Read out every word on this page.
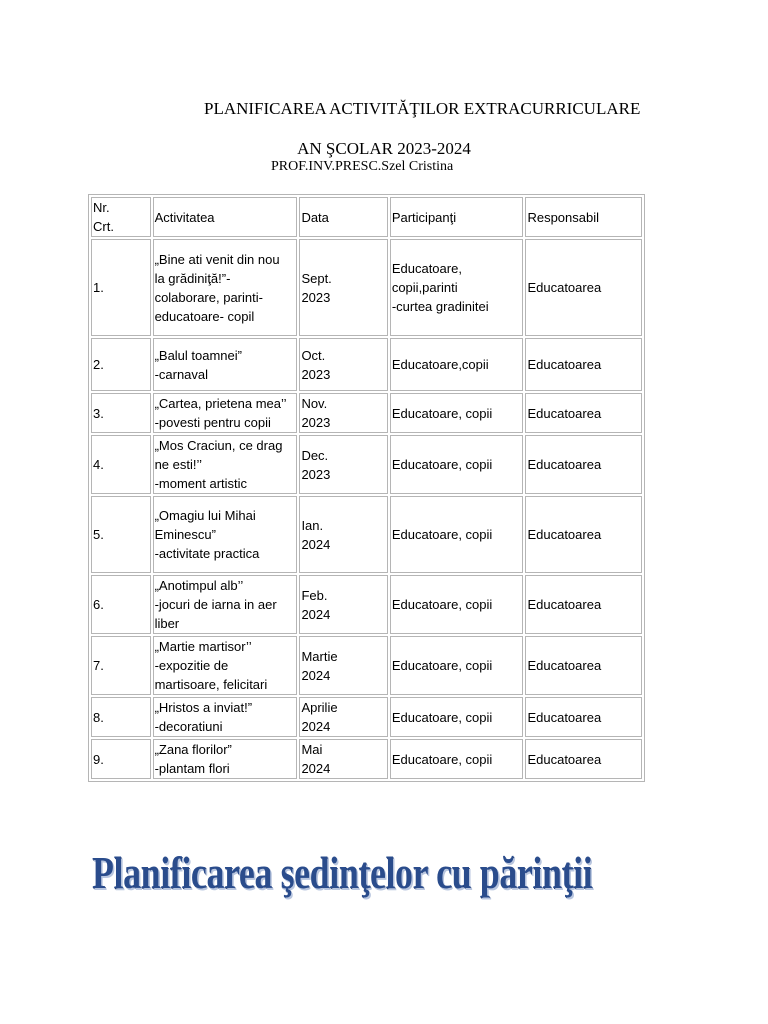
PLANIFICAREA ACTIVITĂŢILOR EXTRACURRICULARE
AN ŞCOLAR 2023-2024
PROF.INV.PRESC.Szel Cristina
Nr.
Crt.	Activitatea	Data	Participanţi	Responsabil
1.	„Bine ati venit din nou
la grădiniţă!”-
colaborare, parinti-
educatoare- copil	Sept.
2023	Educatoare,
copii,parinti
-curtea gradinitei	Educatoarea
2.	„Balul toamnei”
-carnaval	Oct.
2023	Educatoare,copii	Educatoarea
3.	„Cartea, prietena mea’’
-povesti pentru copii	Nov.
2023	Educatoare, copii	Educatoarea
4.	„Mos Craciun, ce drag
ne esti!’’
-moment artistic	Dec.
2023	Educatoare, copii	Educatoarea
5.	„Omagiu lui Mihai
Eminescu”
-activitate practica	Ian.
2024	Educatoare, copii	Educatoarea
6.	„Anotimpul alb’’
-jocuri de iarna in aer
liber	Feb.
2024	Educatoare, copii	Educatoarea
7.	„Martie martisor’’
-expozitie de
martisoare, felicitari	Martie
2024	Educatoare, copii	Educatoarea
8.	„Hristos a inviat!”
-decoratiuni	Aprilie
2024	Educatoare, copii	Educatoarea
9.	„Zana florilor”
-plantam flori	Mai
2024	Educatoare, copii	Educatoarea
Planificarea şedinţelor cu părinţii
